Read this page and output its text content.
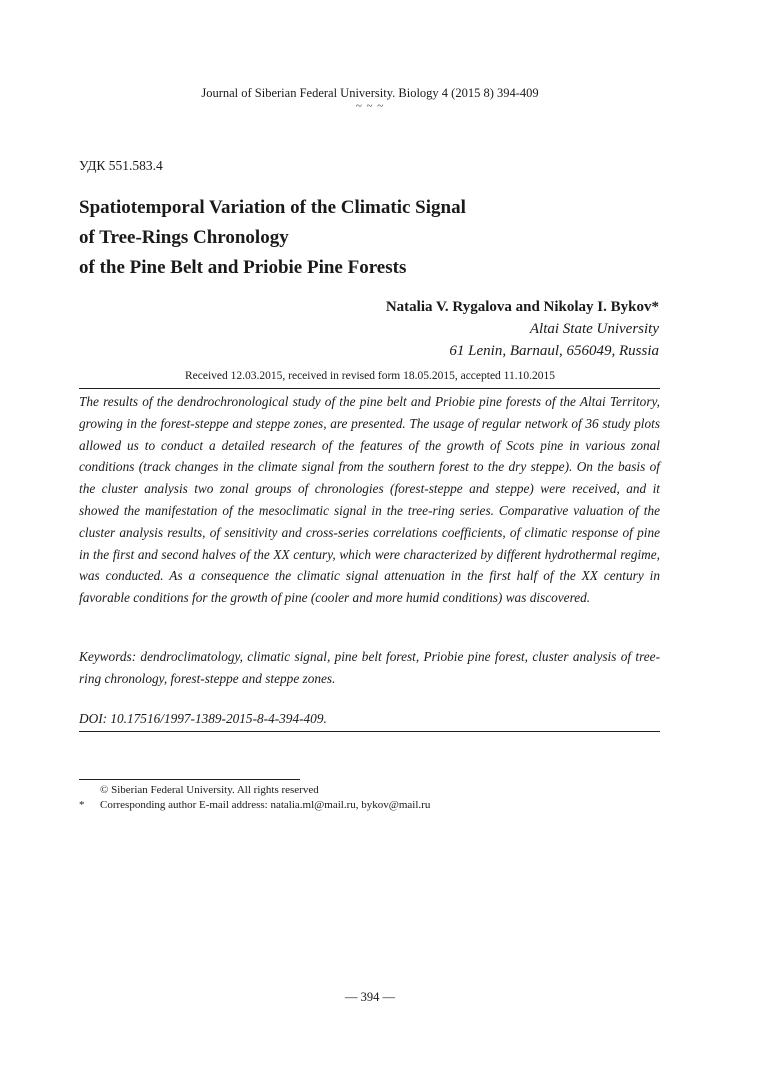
Journal of Siberian Federal University. Biology 4 (2015 8) 394-409
~ ~ ~
УДК 551.583.4
Spatiotemporal Variation of the Climatic Signal
of Tree-Rings Chronology
of the Pine Belt and Priobie Pine Forests
Natalia V. Rygalova and Nikolay I. Bykov*
Altai State University
61 Lenin, Barnaul, 656049, Russia
Received 12.03.2015, received in revised form 18.05.2015, accepted 11.10.2015
The results of the dendrochronological study of the pine belt and Priobie pine forests of the Altai Territory, growing in the forest-steppe and steppe zones, are presented. The usage of regular network of 36 study plots allowed us to conduct a detailed research of the features of the growth of Scots pine in various zonal conditions (track changes in the climate signal from the southern forest to the dry steppe). On the basis of the cluster analysis two zonal groups of chronologies (forest-steppe and steppe) were received, and it showed the manifestation of the mesoclimatic signal in the tree-ring series. Comparative valuation of the cluster analysis results, of sensitivity and cross-series correlations coefficients, of climatic response of pine in the first and second halves of the XX century, which were characterized by different hydrothermal regime, was conducted. As a consequence the climatic signal attenuation in the first half of the XX century in favorable conditions for the growth of pine (cooler and more humid conditions) was discovered.
Keywords: dendroclimatology, climatic signal, pine belt forest, Priobie pine forest, cluster analysis of tree-ring chronology, forest-steppe and steppe zones.
DOI: 10.17516/1997-1389-2015-8-4-394-409.
© Siberian Federal University. All rights reserved
*	Corresponding author E-mail address: natalia.ml@mail.ru, bykov@mail.ru
— 394 —
